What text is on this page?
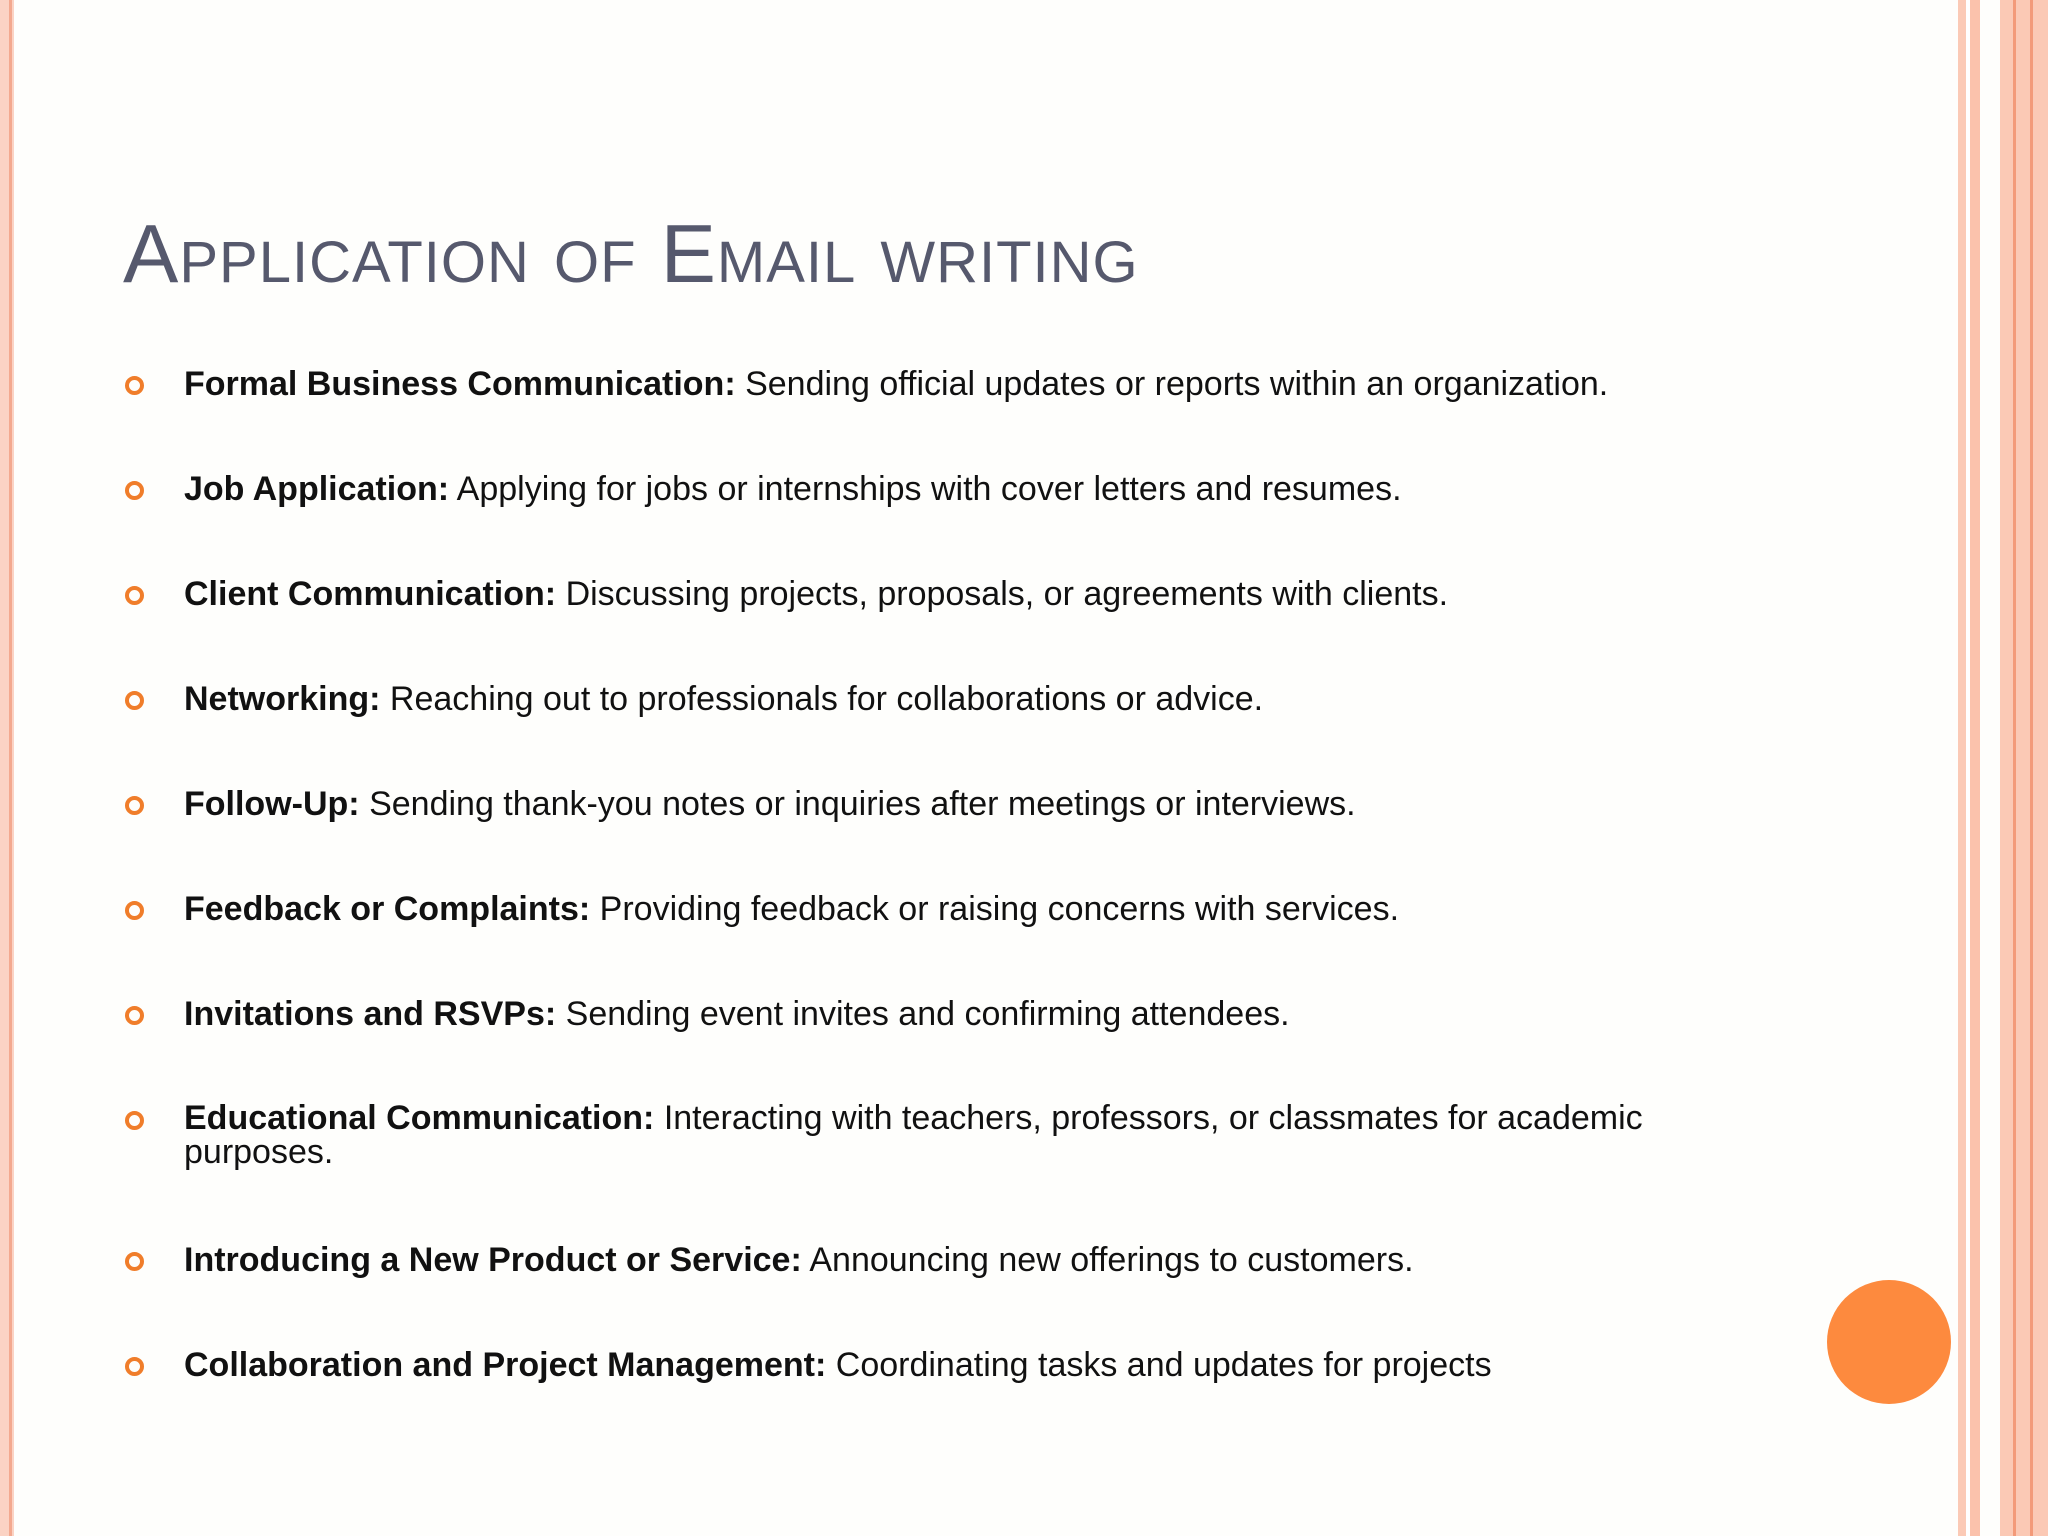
Application of Email writing
Formal Business Communication: Sending official updates or reports within an organization.
Job Application: Applying for jobs or internships with cover letters and resumes.
Client Communication: Discussing projects, proposals, or agreements with clients.
Networking: Reaching out to professionals for collaborations or advice.
Follow-Up: Sending thank-you notes or inquiries after meetings or interviews.
Feedback or Complaints: Providing feedback or raising concerns with services.
Invitations and RSVPs: Sending event invites and confirming attendees.
Educational Communication: Interacting with teachers, professors, or classmates for academic purposes.
Introducing a New Product or Service: Announcing new offerings to customers.
Collaboration and Project Management: Coordinating tasks and updates for projects
